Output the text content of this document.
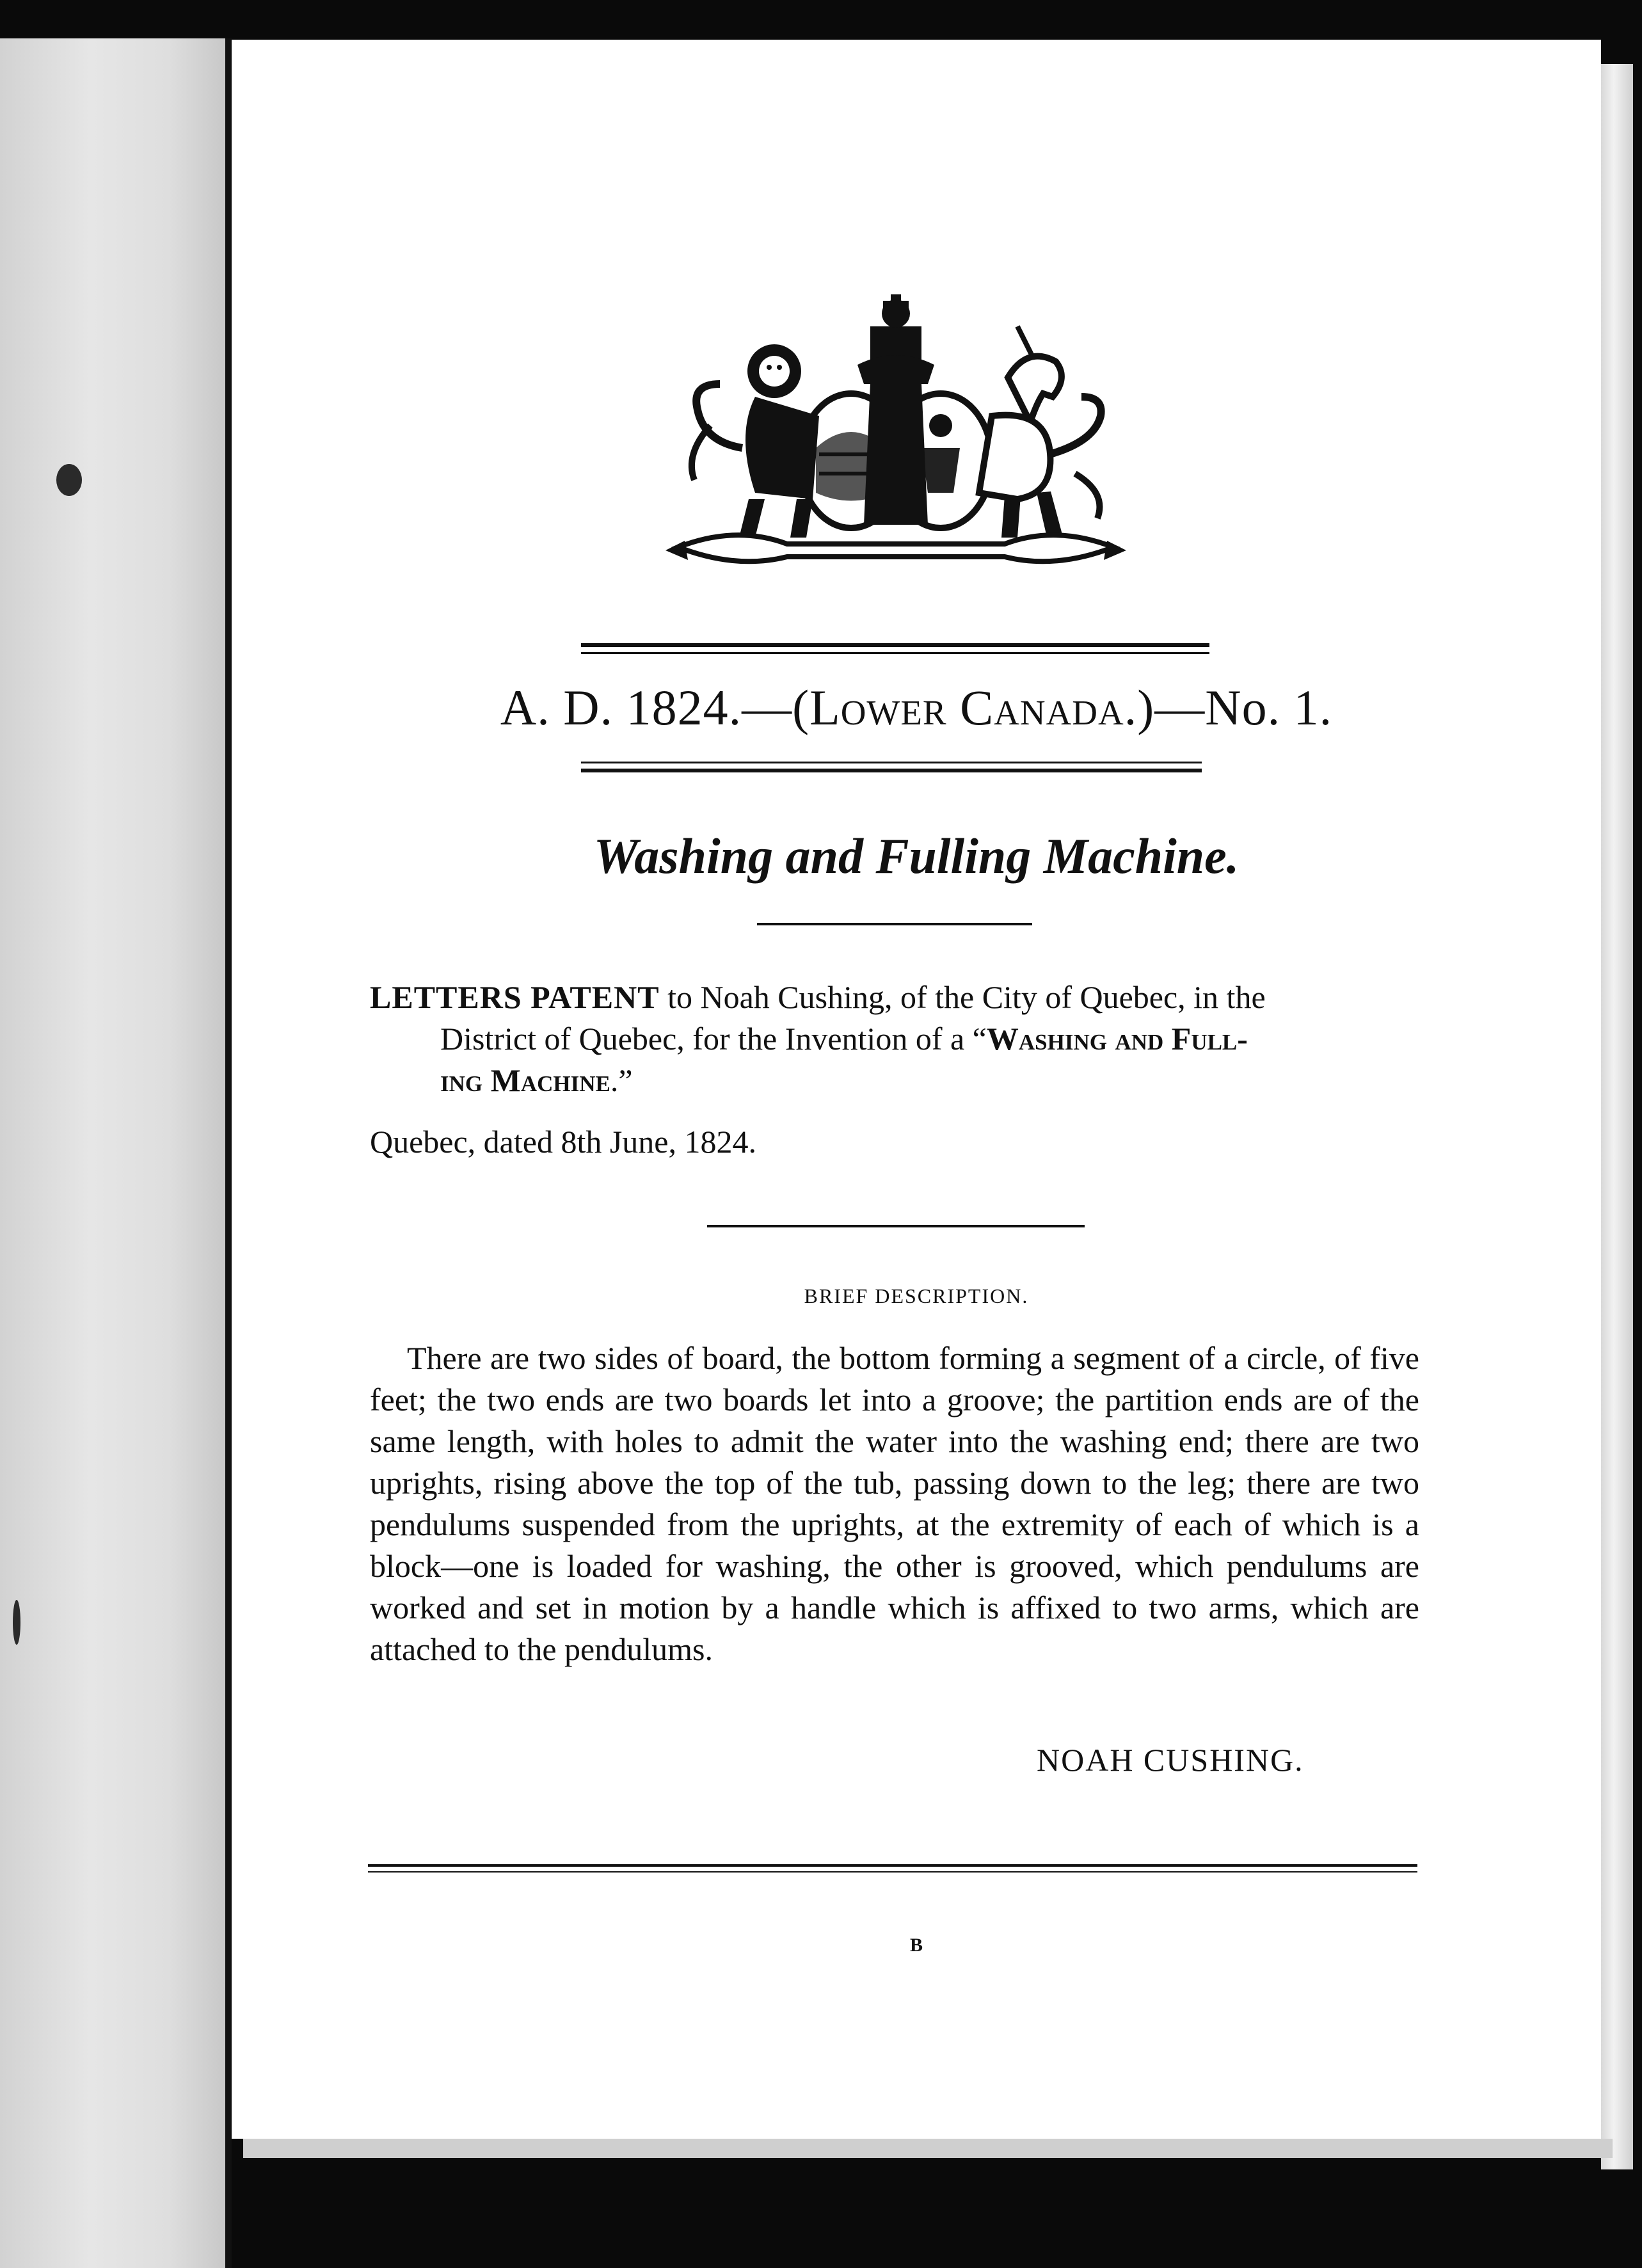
A. D. 1824.—(Lower Canada.)—No. 1.
Washing and Fulling Machine.
LETTERS PATENT to Noah Cushing, of the City of Quebec, in the
District of Quebec, for the Invention of a “Washing and Full-
ing Machine.”
Quebec, dated 8th June, 1824.
BRIEF DESCRIPTION.
There are two sides of board, the bottom forming a segment of a circle, of five feet; the two ends are two boards let into a groove; the partition ends are of the same length, with holes to admit the water into the washing end; there are two uprights, rising above the top of the tub, passing down to the leg; there are two pendulums suspended from the uprights, at the extremity of each of which is a block—one is loaded for washing, the other is grooved, which pendulums are worked and set in motion by a handle which is affixed to two arms, which are attached to the pendulums.
NOAH CUSHING.
B
